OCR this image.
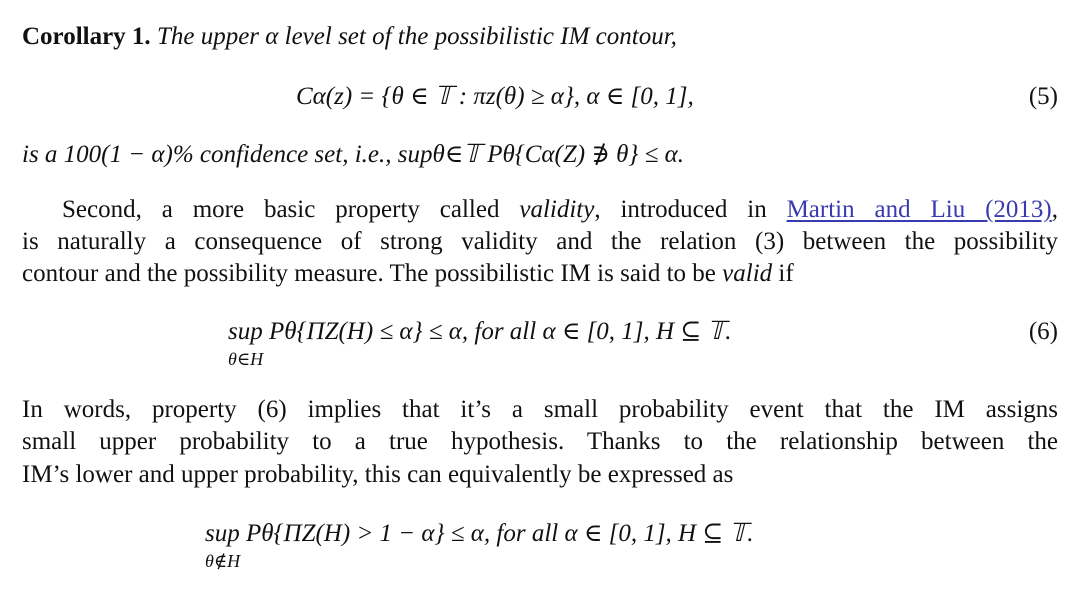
Corollary 1. The upper α level set of the possibilistic IM contour,
Cα(z) = {θ ∈ 𝕋 : πz(θ) ≥ α}, α ∈ [0, 1],	(5)
is a 100(1 − α)% confidence set, i.e., supθ∈𝕋 Pθ{Cα(Z) ∌ θ} ≤ α.
Second, a more basic property called validity, introduced in Martin and Liu (2013),
is naturally a consequence of strong validity and the relation (3) between the possibility
contour and the possibility measure. The possibilistic IM is said to be valid if
sup Pθ{ΠZ(H) ≤ α} ≤ α, for all α ∈ [0, 1], H ⊆ 𝕋.
θ∈H
(6)
In words, property (6) implies that it’s a small probability event that the IM assigns
small upper probability to a true hypothesis. Thanks to the relationship between the
IM’s lower and upper probability, this can equivalently be expressed as
sup Pθ{ΠZ(H) > 1 − α} ≤ α, for all α ∈ [0, 1], H ⊆ 𝕋.
θ∉H
